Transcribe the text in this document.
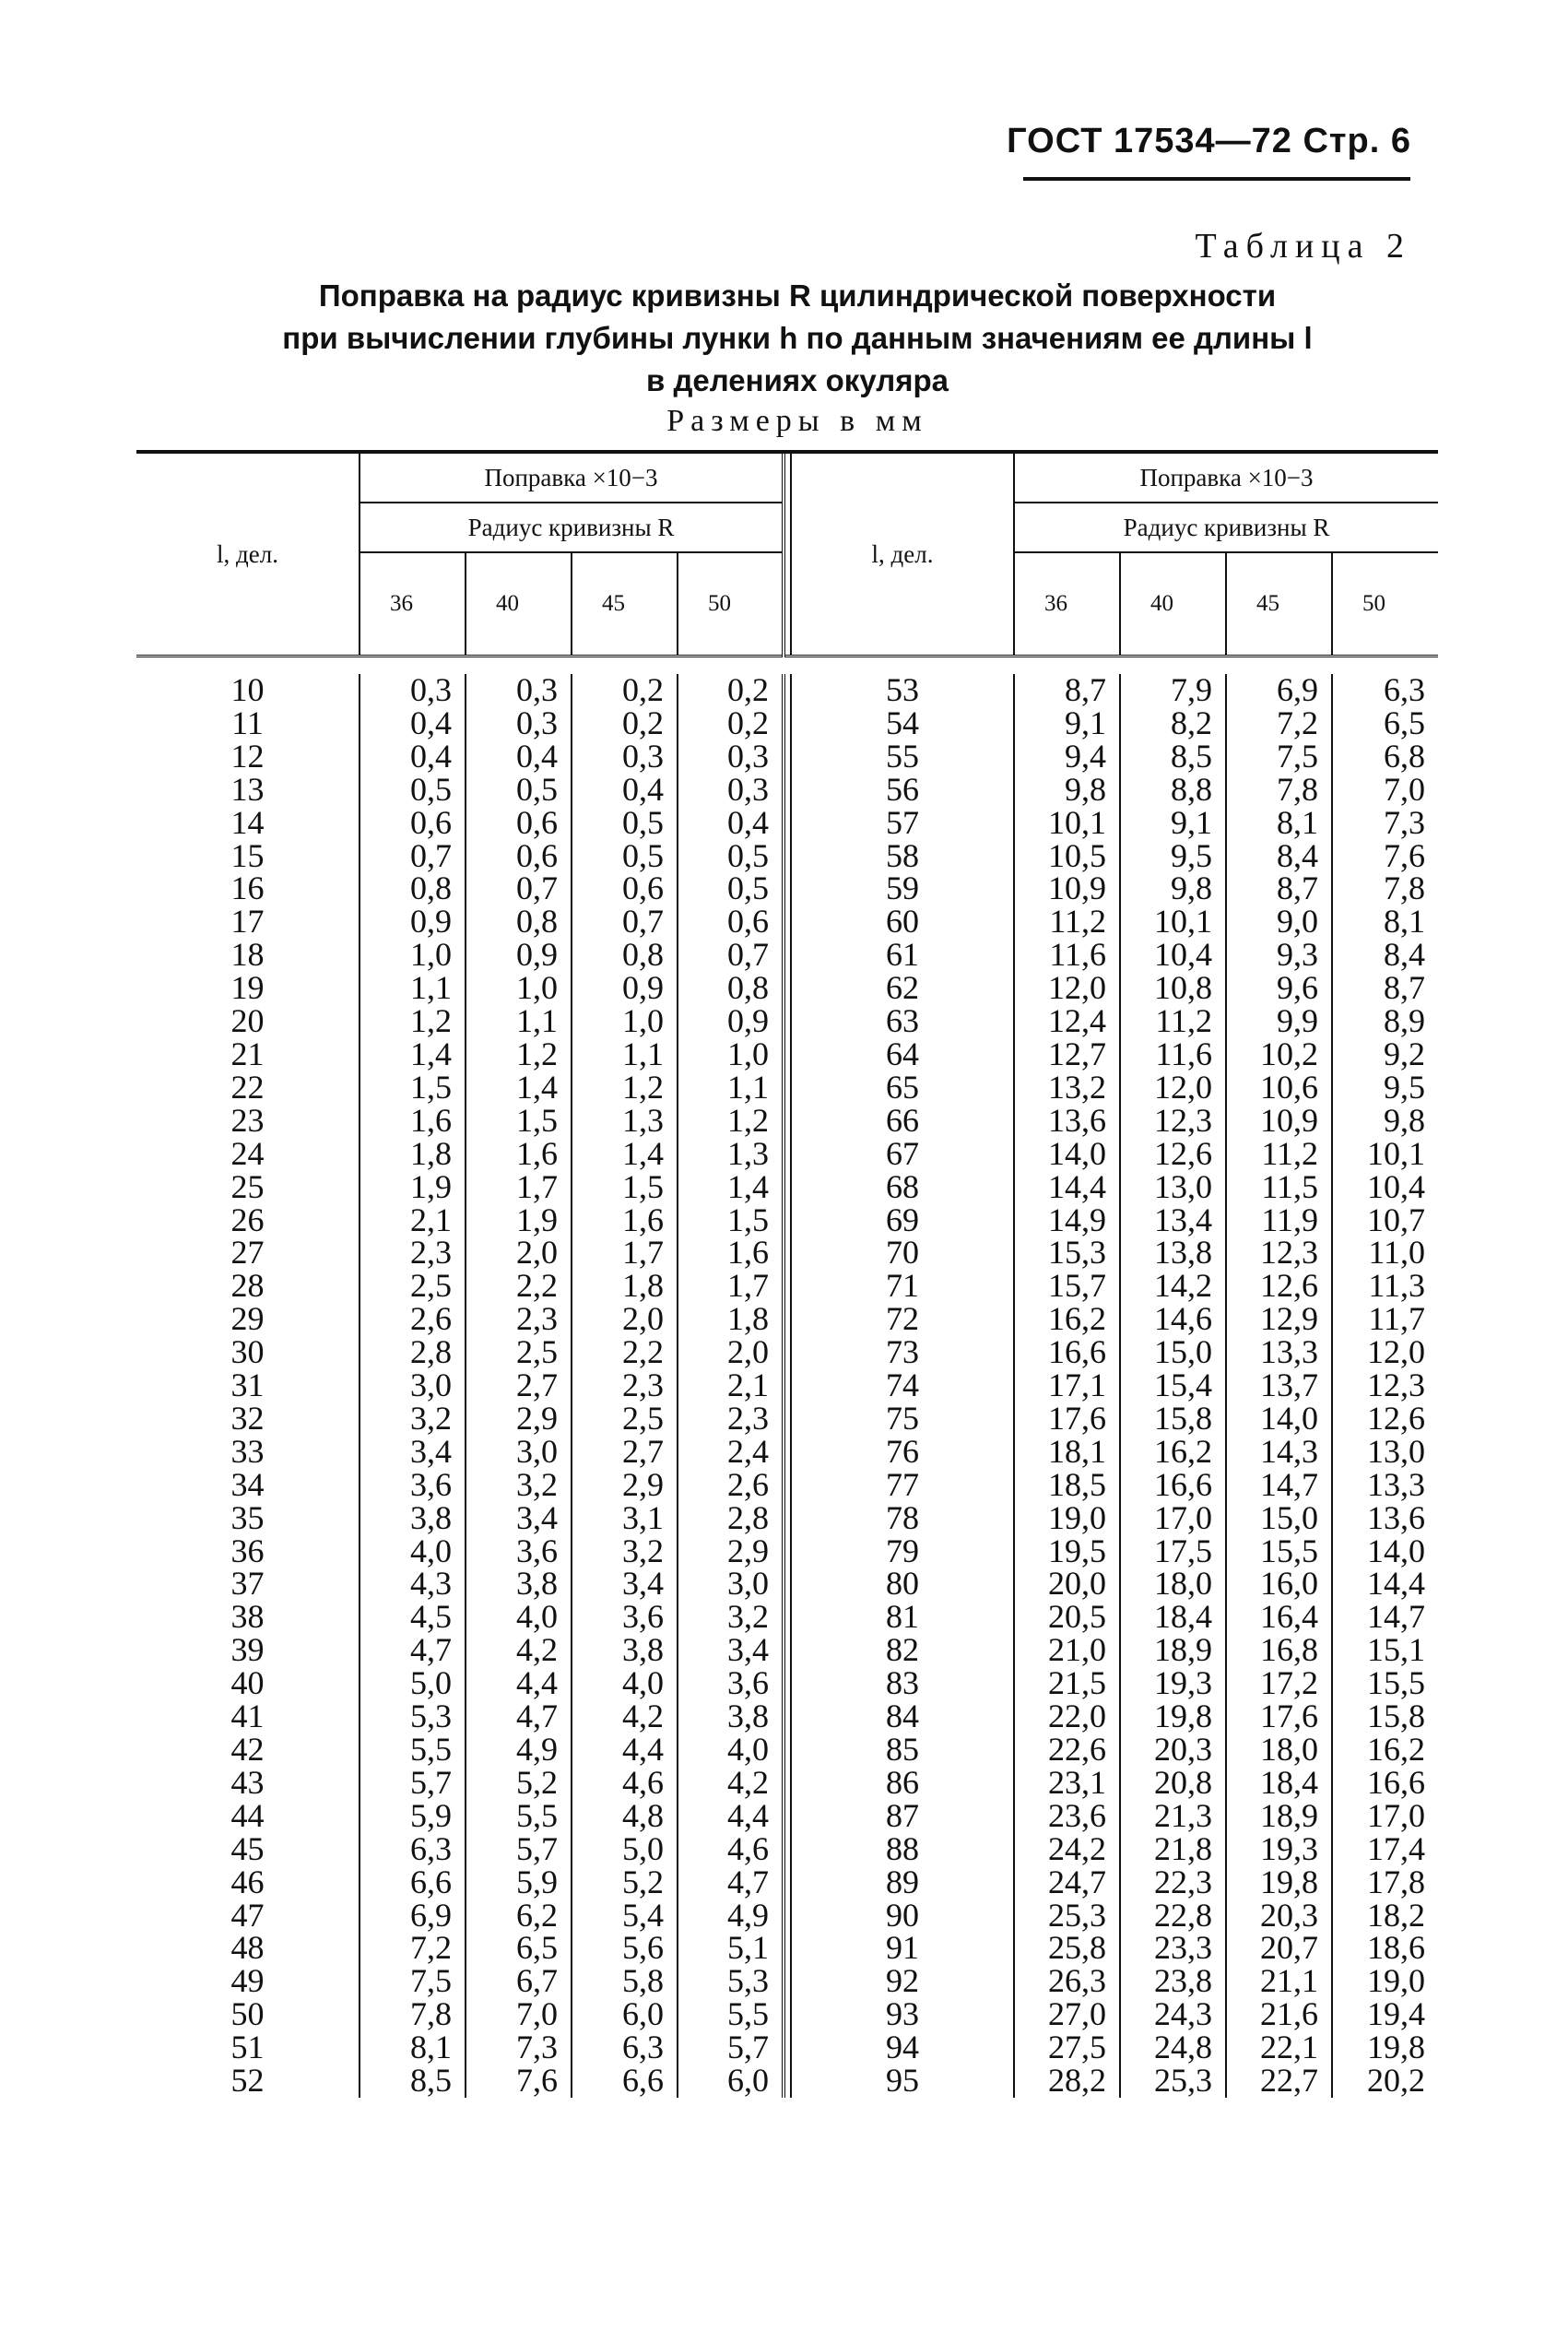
ГОСТ 17534—72 Стр. 6
Таблица 2
Поправка на радиус кривизны R цилиндрической поверхности
при вычислении глубины лунки h по данным значениям ее длины l
в делениях окуляра
Размеры в мм

l, дел.	Поправка ×10−3					l, дел.	Поправка ×10−3			
	Радиус кривизны R						Радиус кривизны R			
	36	40	45	50			36	40	45	50

10	0,3	0,3	0,2	0,2		53	8,7	7,9	6,9	6,3
11	0,4	0,3	0,2	0,2		54	9,1	8,2	7,2	6,5
12	0,4	0,4	0,3	0,3		55	9,4	8,5	7,5	6,8
13	0,5	0,5	0,4	0,3		56	9,8	8,8	7,8	7,0
14	0,6	0,6	0,5	0,4		57	10,1	9,1	8,1	7,3
15	0,7	0,6	0,5	0,5		58	10,5	9,5	8,4	7,6
16	0,8	0,7	0,6	0,5		59	10,9	9,8	8,7	7,8
17	0,9	0,8	0,7	0,6		60	11,2	10,1	9,0	8,1
18	1,0	0,9	0,8	0,7		61	11,6	10,4	9,3	8,4
19	1,1	1,0	0,9	0,8		62	12,0	10,8	9,6	8,7
20	1,2	1,1	1,0	0,9		63	12,4	11,2	9,9	8,9
21	1,4	1,2	1,1	1,0		64	12,7	11,6	10,2	9,2
22	1,5	1,4	1,2	1,1		65	13,2	12,0	10,6	9,5
23	1,6	1,5	1,3	1,2		66	13,6	12,3	10,9	9,8
24	1,8	1,6	1,4	1,3		67	14,0	12,6	11,2	10,1
25	1,9	1,7	1,5	1,4		68	14,4	13,0	11,5	10,4
26	2,1	1,9	1,6	1,5		69	14,9	13,4	11,9	10,7
27	2,3	2,0	1,7	1,6		70	15,3	13,8	12,3	11,0
28	2,5	2,2	1,8	1,7		71	15,7	14,2	12,6	11,3
29	2,6	2,3	2,0	1,8		72	16,2	14,6	12,9	11,7
30	2,8	2,5	2,2	2,0		73	16,6	15,0	13,3	12,0
31	3,0	2,7	2,3	2,1		74	17,1	15,4	13,7	12,3
32	3,2	2,9	2,5	2,3		75	17,6	15,8	14,0	12,6
33	3,4	3,0	2,7	2,4		76	18,1	16,2	14,3	13,0
34	3,6	3,2	2,9	2,6		77	18,5	16,6	14,7	13,3
35	3,8	3,4	3,1	2,8		78	19,0	17,0	15,0	13,6
36	4,0	3,6	3,2	2,9		79	19,5	17,5	15,5	14,0
37	4,3	3,8	3,4	3,0		80	20,0	18,0	16,0	14,4
38	4,5	4,0	3,6	3,2		81	20,5	18,4	16,4	14,7
39	4,7	4,2	3,8	3,4		82	21,0	18,9	16,8	15,1
40	5,0	4,4	4,0	3,6		83	21,5	19,3	17,2	15,5
41	5,3	4,7	4,2	3,8		84	22,0	19,8	17,6	15,8
42	5,5	4,9	4,4	4,0		85	22,6	20,3	18,0	16,2
43	5,7	5,2	4,6	4,2		86	23,1	20,8	18,4	16,6
44	5,9	5,5	4,8	4,4		87	23,6	21,3	18,9	17,0
45	6,3	5,7	5,0	4,6		88	24,2	21,8	19,3	17,4
46	6,6	5,9	5,2	4,7		89	24,7	22,3	19,8	17,8
47	6,9	6,2	5,4	4,9		90	25,3	22,8	20,3	18,2
48	7,2	6,5	5,6	5,1		91	25,8	23,3	20,7	18,6
49	7,5	6,7	5,8	5,3		92	26,3	23,8	21,1	19,0
50	7,8	7,0	6,0	5,5		93	27,0	24,3	21,6	19,4
51	8,1	7,3	6,3	5,7		94	27,5	24,8	22,1	19,8
52	8,5	7,6	6,6	6,0		95	28,2	25,3	22,7	20,2
